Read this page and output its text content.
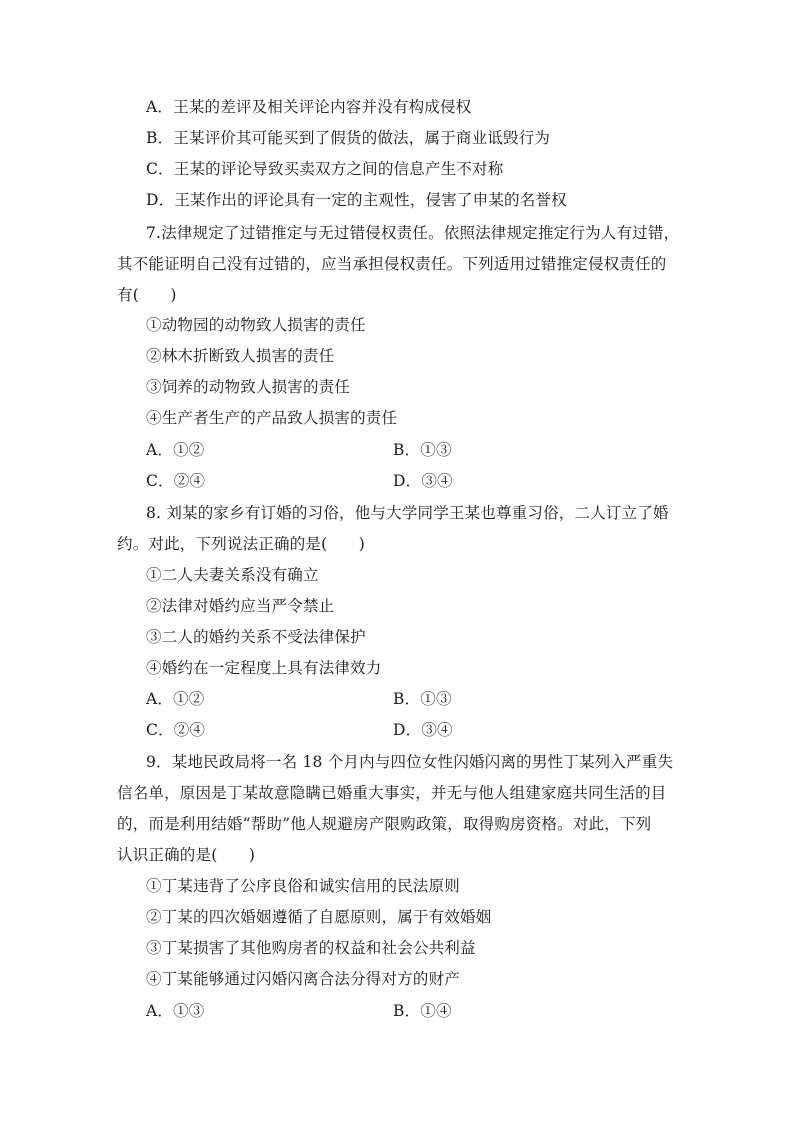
A．王某的差评及相关评论内容并没有构成侵权
B．王某评价其可能买到了假货的做法，属于商业诋毁行为
C．王某的评论导致买卖双方之间的信息产生不对称
D．王某作出的评论具有一定的主观性，侵害了申某的名誉权
7.法律规定了过错推定与无过错侵权责任。依照法律规定推定行为人有过错，
其不能证明自己没有过错的，应当承担侵权责任。下列适用过错推定侵权责任的
有(　　)
①动物园的动物致人损害的责任
②林木折断致人损害的责任
③饲养的动物致人损害的责任
④生产者生产的产品致人损害的责任
A．①②	B．①③
C．②④	D．③④
8. 刘某的家乡有订婚的习俗，他与大学同学王某也尊重习俗，二人订立了婚
约。对此，下列说法正确的是(　　)
①二人夫妻关系没有确立
②法律对婚约应当严令禁止
③二人的婚约关系不受法律保护
④婚约在一定程度上具有法律效力
A．①②	B．①③
C．②④	D．③④
9．某地民政局将一名 18 个月内与四位女性闪婚闪离的男性丁某列入严重失
信名单，原因是丁某故意隐瞒已婚重大事实，并无与他人组建家庭共同生活的目
的，而是利用结婚“帮助”他人规避房产限购政策，取得购房资格。对此，下列
认识正确的是(　　)
①丁某违背了公序良俗和诚实信用的民法原则
②丁某的四次婚姻遵循了自愿原则，属于有效婚姻
③丁某损害了其他购房者的权益和社会公共利益
④丁某能够通过闪婚闪离合法分得对方的财产
A．①③	B．①④
